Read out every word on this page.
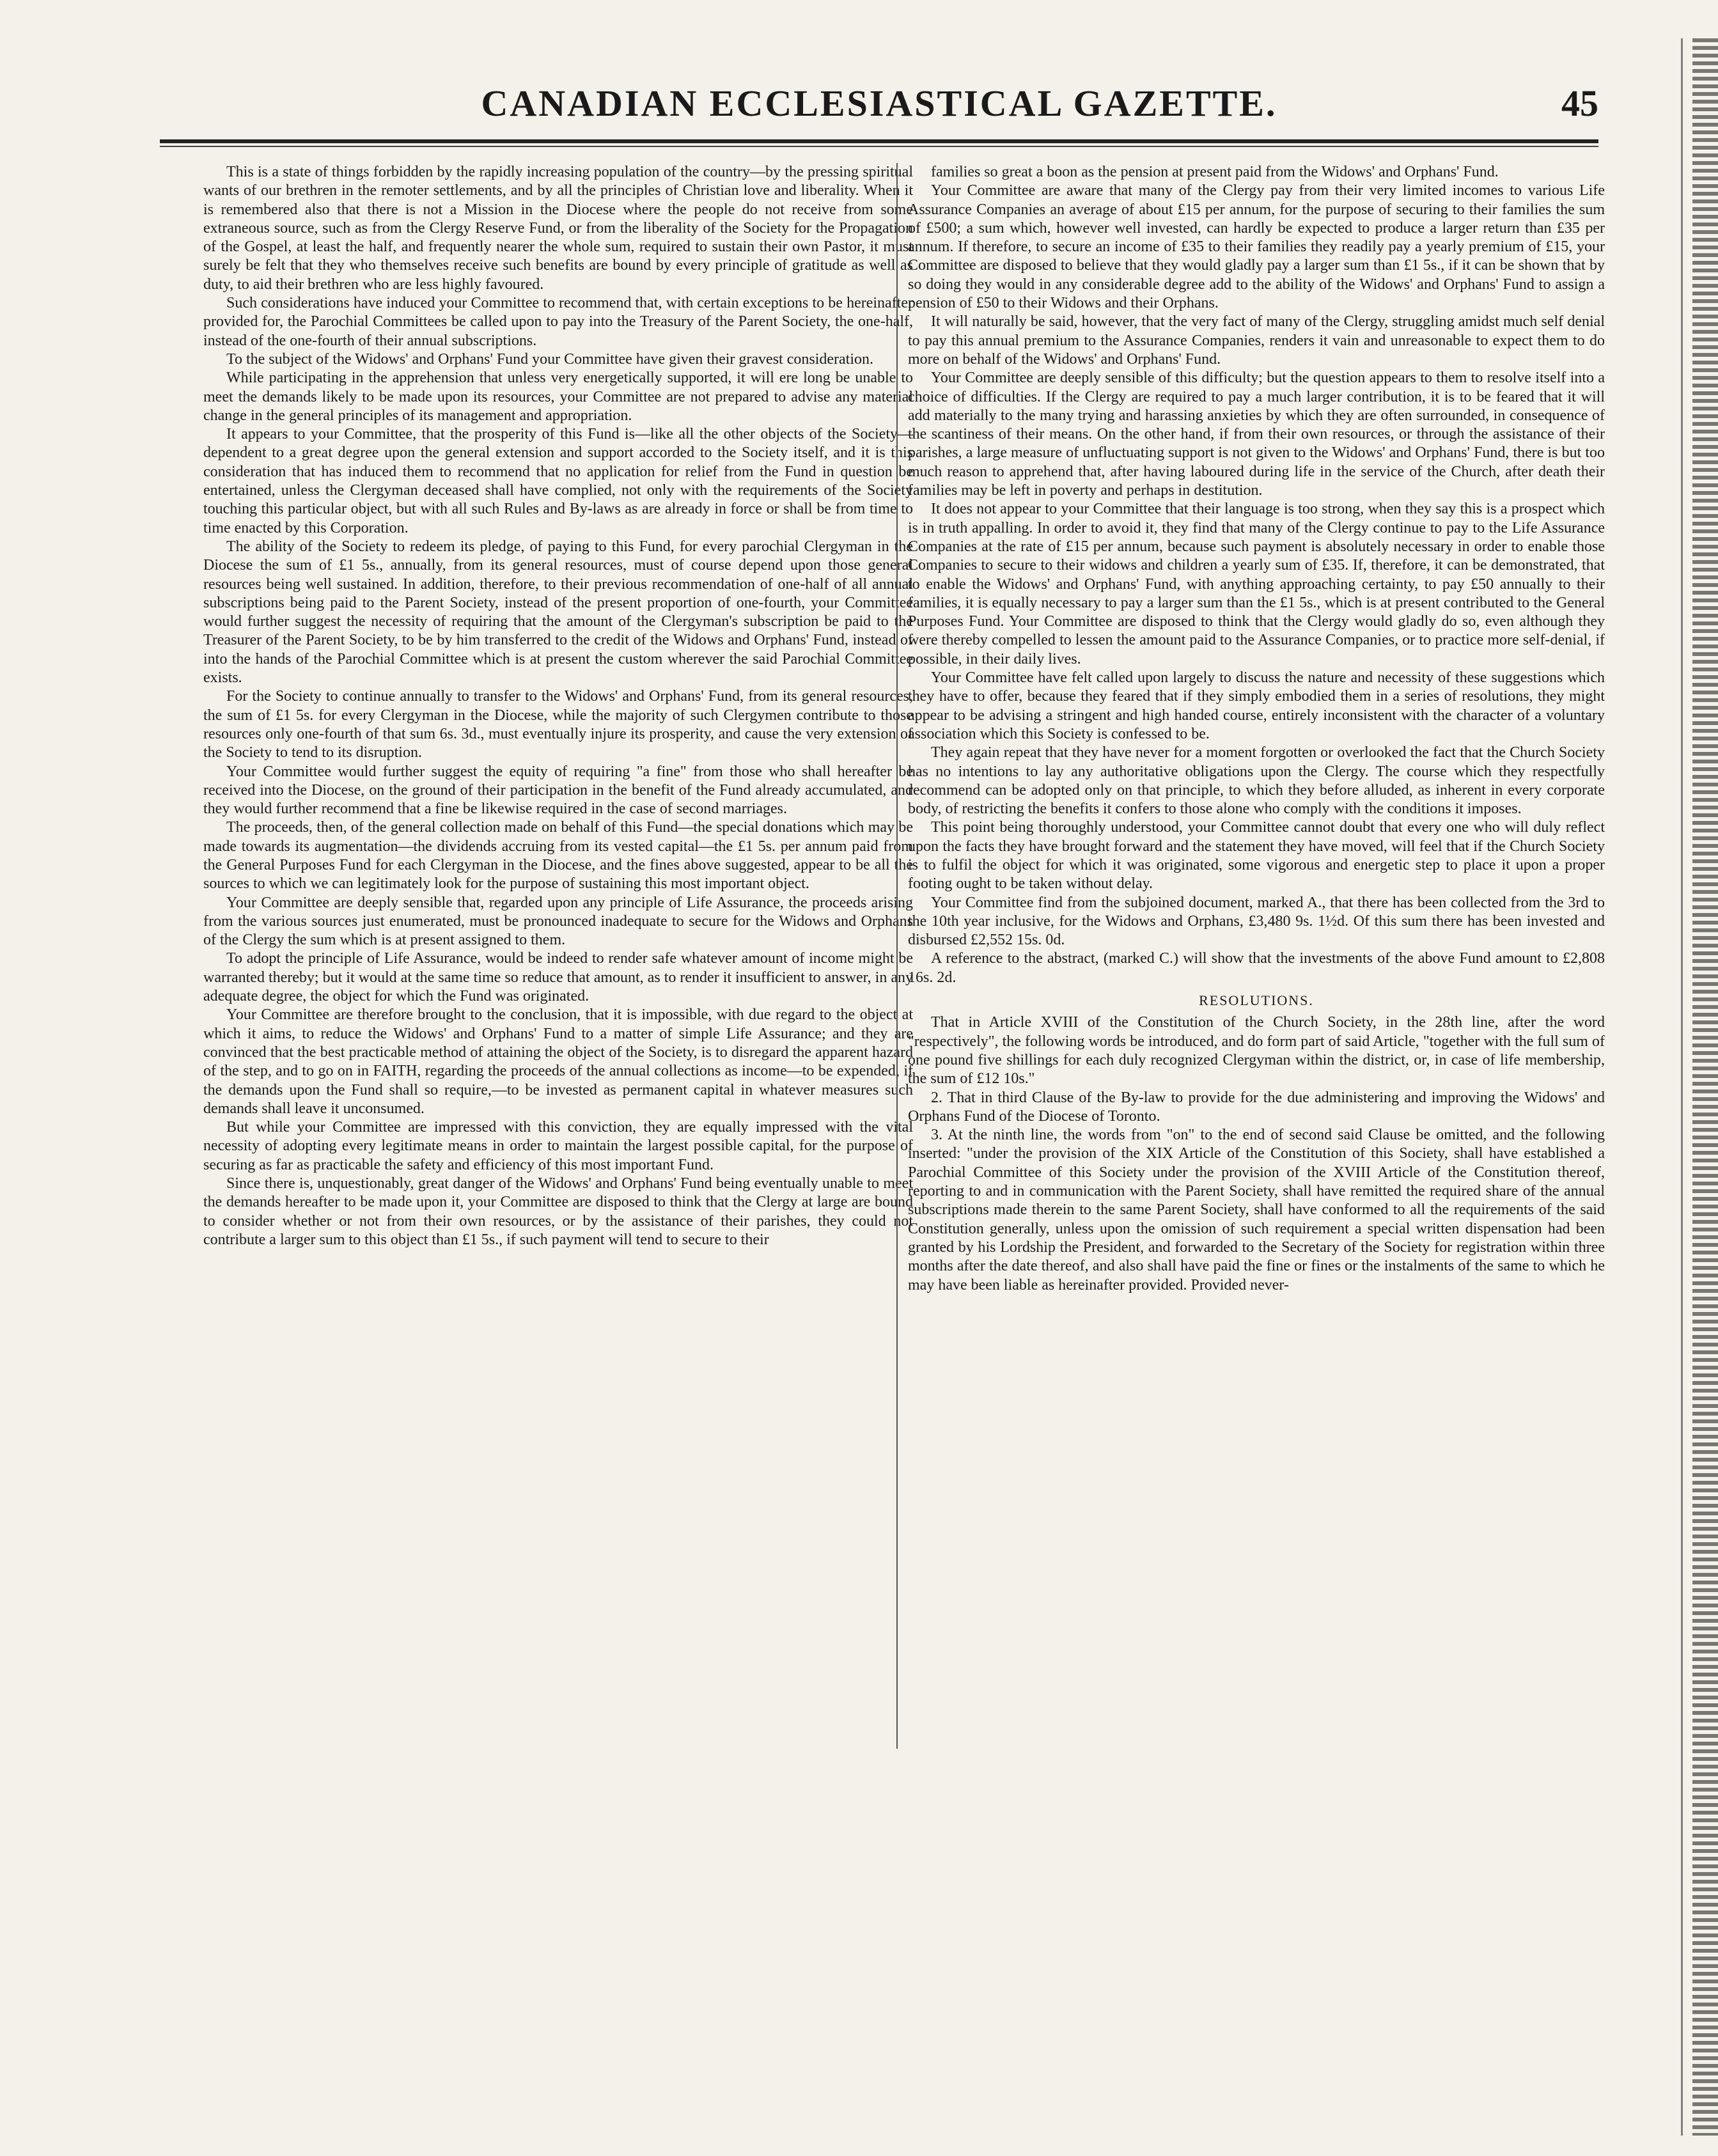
CANADIAN ECCLESIASTICAL GAZETTE.	45

This is a state of things forbidden by the rapidly increasing population of the country—by the pressing spiritual wants of our brethren in the remoter settlements, and by all the principles of Christian love and liberality. When it is remembered also that there is not a Mission in the Diocese where the people do not receive from some extraneous source, such as from the Clergy Reserve Fund, or from the liberality of the Society for the Propagation of the Gospel, at least the half, and frequently nearer the whole sum, required to sustain their own Pastor, it must surely be felt that they who themselves receive such benefits are bound by every principle of gratitude as well as duty, to aid their brethren who are less highly favoured.

Such considerations have induced your Committee to recommend that, with certain exceptions to be hereinafter provided for, the Parochial Committees be called upon to pay into the Treasury of the Parent Society, the one-half, instead of the one-fourth of their annual subscriptions.

To the subject of the Widows' and Orphans' Fund your Committee have given their gravest consideration.

While participating in the apprehension that unless very energetically supported, it will ere long be unable to meet the demands likely to be made upon its resources, your Committee are not prepared to advise any material change in the general principles of its management and appropriation.

It appears to your Committee, that the prosperity of this Fund is—like all the other objects of the Society—dependent to a great degree upon the general extension and support accorded to the Society itself, and it is this consideration that has induced them to recommend that no application for relief from the Fund in question be entertained, unless the Clergyman deceased shall have complied, not only with the requirements of the Society touching this particular object, but with all such Rules and By-laws as are already in force or shall be from time to time enacted by this Corporation.

The ability of the Society to redeem its pledge, of paying to this Fund, for every parochial Clergyman in the Diocese the sum of £1 5s., annually, from its general resources, must of course depend upon those general resources being well sustained. In addition, therefore, to their previous recommendation of one-half of all annual subscriptions being paid to the Parent Society, instead of the present proportion of one-fourth, your Committee would further suggest the necessity of requiring that the amount of the Clergyman's subscription be paid to the Treasurer of the Parent Society, to be by him transferred to the credit of the Widows and Orphans' Fund, instead of into the hands of the Parochial Committee which is at present the custom wherever the said Parochial Committee exists.

For the Society to continue annually to transfer to the Widows' and Orphans' Fund, from its general resources, the sum of £1 5s. for every Clergyman in the Diocese, while the majority of such Clergymen contribute to those resources only one-fourth of that sum 6s. 3d., must eventually injure its prosperity, and cause the very extension of the Society to tend to its disruption.

Your Committee would further suggest the equity of requiring "a fine" from those who shall hereafter be received into the Diocese, on the ground of their participation in the benefit of the Fund already accumulated, and they would further recommend that a fine be likewise required in the case of second marriages.

The proceeds, then, of the general collection made on behalf of this Fund—the special donations which may be made towards its augmentation—the dividends accruing from its vested capital—the £1 5s. per annum paid from the General Purposes Fund for each Clergyman in the Diocese, and the fines above suggested, appear to be all the sources to which we can legitimately look for the purpose of sustaining this most important object.

Your Committee are deeply sensible that, regarded upon any principle of Life Assurance, the proceeds arising from the various sources just enumerated, must be pronounced inadequate to secure for the Widows and Orphans of the Clergy the sum which is at present assigned to them.

To adopt the principle of Life Assurance, would be indeed to render safe whatever amount of income might be warranted thereby; but it would at the same time so reduce that amount, as to render it insufficient to answer, in any adequate degree, the object for which the Fund was originated.

Your Committee are therefore brought to the conclusion, that it is impossible, with due regard to the object at which it aims, to reduce the Widows' and Orphans' Fund to a matter of simple Life Assurance; and they are convinced that the best practicable method of attaining the object of the Society, is to disregard the apparent hazard of the step, and to go on in FAITH, regarding the proceeds of the annual collections as income—to be expended, if the demands upon the Fund shall so require,—to be invested as permanent capital in whatever measures such demands shall leave it unconsumed.

But while your Committee are impressed with this conviction, they are equally impressed with the vital necessity of adopting every legitimate means in order to maintain the largest possible capital, for the purpose of securing as far as practicable the safety and efficiency of this most important Fund.

Since there is, unquestionably, great danger of the Widows' and Orphans' Fund being eventually unable to meet the demands hereafter to be made upon it, your Committee are disposed to think that the Clergy at large are bound to consider whether or not from their own resources, or by the assistance of their parishes, they could not contribute a larger sum to this object than £1 5s., if such payment will tend to secure to their

families so great a boon as the pension at present paid from the Widows' and Orphans' Fund.

Your Committee are aware that many of the Clergy pay from their very limited incomes to various Life Assurance Companies an average of about £15 per annum, for the purpose of securing to their families the sum of £500; a sum which, however well invested, can hardly be expected to produce a larger return than £35 per annum. If therefore, to secure an income of £35 to their families they readily pay a yearly premium of £15, your Committee are disposed to believe that they would gladly pay a larger sum than £1 5s., if it can be shown that by so doing they would in any considerable degree add to the ability of the Widows' and Orphans' Fund to assign a pension of £50 to their Widows and their Orphans.

It will naturally be said, however, that the very fact of many of the Clergy, struggling amidst much self denial to pay this annual premium to the Assurance Companies, renders it vain and unreasonable to expect them to do more on behalf of the Widows' and Orphans' Fund.

Your Committee are deeply sensible of this difficulty; but the question appears to them to resolve itself into a choice of difficulties. If the Clergy are required to pay a much larger contribution, it is to be feared that it will add materially to the many trying and harassing anxieties by which they are often surrounded, in consequence of the scantiness of their means. On the other hand, if from their own resources, or through the assistance of their parishes, a large measure of unfluctuating support is not given to the Widows' and Orphans' Fund, there is but too much reason to apprehend that, after having laboured during life in the service of the Church, after death their families may be left in poverty and perhaps in destitution.

It does not appear to your Committee that their language is too strong, when they say this is a prospect which is in truth appalling. In order to avoid it, they find that many of the Clergy continue to pay to the Life Assurance Companies at the rate of £15 per annum, because such payment is absolutely necessary in order to enable those Companies to secure to their widows and children a yearly sum of £35. If, therefore, it can be demonstrated, that to enable the Widows' and Orphans' Fund, with anything approaching certainty, to pay £50 annually to their families, it is equally necessary to pay a larger sum than the £1 5s., which is at present contributed to the General Purposes Fund. Your Committee are disposed to think that the Clergy would gladly do so, even although they were thereby compelled to lessen the amount paid to the Assurance Companies, or to practice more self-denial, if possible, in their daily lives.

Your Committee have felt called upon largely to discuss the nature and necessity of these suggestions which they have to offer, because they feared that if they simply embodied them in a series of resolutions, they might appear to be advising a stringent and high handed course, entirely inconsistent with the character of a voluntary association which this Society is confessed to be.

They again repeat that they have never for a moment forgotten or overlooked the fact that the Church Society has no intentions to lay any authoritative obligations upon the Clergy. The course which they respectfully recommend can be adopted only on that principle, to which they before alluded, as inherent in every corporate body, of restricting the benefits it confers to those alone who comply with the conditions it imposes.

This point being thoroughly understood, your Committee cannot doubt that every one who will duly reflect upon the facts they have brought forward and the statement they have moved, will feel that if the Church Society is to fulfil the object for which it was originated, some vigorous and energetic step to place it upon a proper footing ought to be taken without delay.

Your Committee find from the subjoined document, marked A., that there has been collected from the 3rd to the 10th year inclusive, for the Widows and Orphans, £3,480 9s. 1½d. Of this sum there has been invested and disbursed £2,552 15s. 0d.

A reference to the abstract, (marked C.) will show that the investments of the above Fund amount to £2,808 16s. 2d.

RESOLUTIONS.

That in Article XVIII of the Constitution of the Church Society, in the 28th line, after the word "respectively", the following words be introduced, and do form part of said Article, "together with the full sum of one pound five shillings for each duly recognized Clergyman within the district, or, in case of life membership, the sum of £12 10s."

2. That in third Clause of the By-law to provide for the due administering and improving the Widows' and Orphans Fund of the Diocese of Toronto.

3. At the ninth line, the words from "on" to the end of second said Clause be omitted, and the following inserted: "under the provision of the XIX Article of the Constitution of this Society, shall have established a Parochial Committee of this Society under the provision of the XVIII Article of the Constitution thereof, reporting to and in communication with the Parent Society, shall have remitted the required share of the annual subscriptions made therein to the same Parent Society, shall have conformed to all the requirements of the said Constitution generally, unless upon the omission of such requirement a special written dispensation had been granted by his Lordship the President, and forwarded to the Secretary of the Society for registration within three months after the date thereof, and also shall have paid the fine or fines or the instalments of the same to which he may have been liable as hereinafter provided. Provided never-
